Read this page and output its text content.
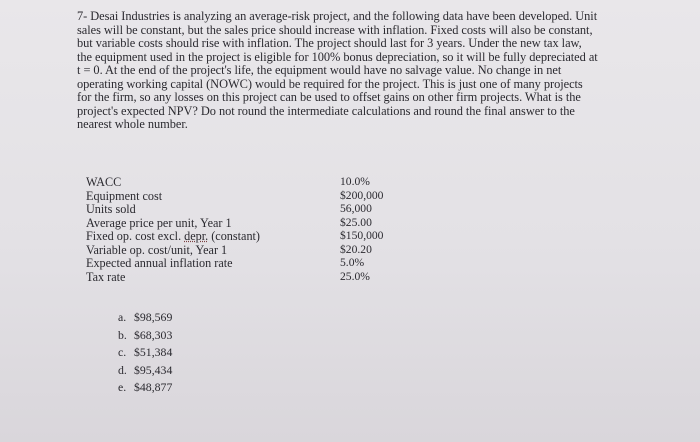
7- Desai Industries is analyzing an average-risk project, and the following data have been developed. Unit
sales will be constant, but the sales price should increase with inflation. Fixed costs will also be constant,
but variable costs should rise with inflation. The project should last for 3 years. Under the new tax law,
the equipment used in the project is eligible for 100% bonus depreciation, so it will be fully depreciated at
t = 0. At the end of the project's life, the equipment would have no salvage value. No change in net
operating working capital (NOWC) would be required for the project. This is just one of many projects
for the firm, so any losses on this project can be used to offset gains on other firm projects. What is the
project's expected NPV? Do not round the intermediate calculations and round the final answer to the
nearest whole number.
WACC	10.0%
Equipment cost	$200,000
Units sold	56,000
Average price per unit, Year 1	$25.00
Fixed op. cost excl. depr. (constant)	$150,000
Variable op. cost/unit, Year 1	$20.20
Expected annual inflation rate	5.0%
Tax rate	25.0%
a. $98,569
b. $68,303
c. $51,384
d. $95,434
e. $48,877
